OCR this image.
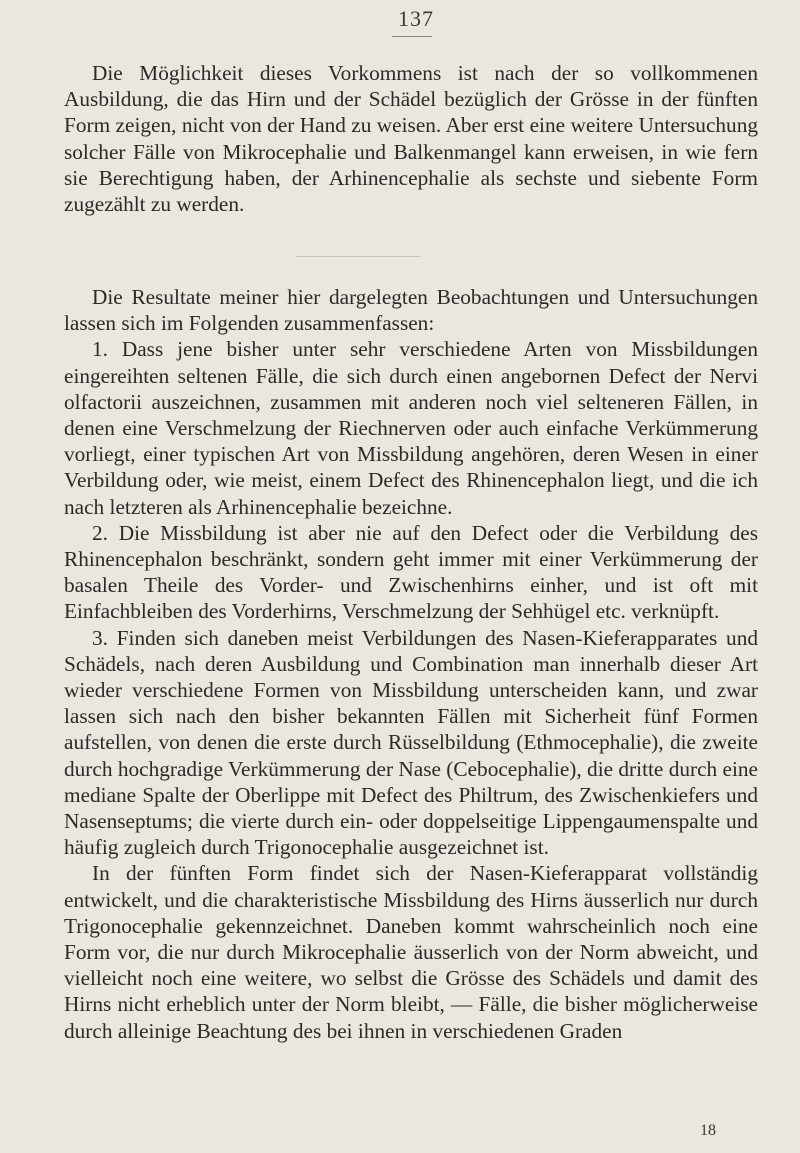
137

Die Möglichkeit dieses Vorkommens ist nach der so vollkommenen Ausbildung, die das Hirn und der Schädel bezüglich der Grösse in der fünften Form zeigen, nicht von der Hand zu weisen. Aber erst eine weitere Untersuchung solcher Fälle von Mikrocephalie und Balkenmangel kann erweisen, in wie fern sie Berechtigung haben, der Arhinencephalie als sechste und siebente Form zugezählt zu werden.

Die Resultate meiner hier dargelegten Beobachtungen und Untersuchungen lassen sich im Folgenden zusammenfassen:

1. Dass jene bisher unter sehr verschiedene Arten von Missbildungen eingereihten seltenen Fälle, die sich durch einen angebornen Defect der Nervi olfactorii auszeichnen, zusammen mit anderen noch viel selteneren Fällen, in denen eine Verschmelzung der Riechnerven oder auch einfache Verkümmerung vorliegt, einer typischen Art von Missbildung angehören, deren Wesen in einer Verbildung oder, wie meist, einem Defect des Rhinencephalon liegt, und die ich nach letzteren als Arhinencephalie bezeichne.

2. Die Missbildung ist aber nie auf den Defect oder die Verbildung des Rhinencephalon beschränkt, sondern geht immer mit einer Verkümmerung der basalen Theile des Vorder- und Zwischenhirns einher, und ist oft mit Einfachbleiben des Vorderhirns, Verschmelzung der Sehhügel etc. verknüpft.

3. Finden sich daneben meist Verbildungen des Nasen-Kieferapparates und Schädels, nach deren Ausbildung und Combination man innerhalb dieser Art wieder verschiedene Formen von Missbildung unterscheiden kann, und zwar lassen sich nach den bisher bekannten Fällen mit Sicherheit fünf Formen aufstellen, von denen die erste durch Rüsselbildung (Ethmocephalie), die zweite durch hochgradige Verkümmerung der Nase (Cebocephalie), die dritte durch eine mediane Spalte der Oberlippe mit Defect des Philtrum, des Zwischenkiefers und Nasenseptums; die vierte durch ein- oder doppelseitige Lippengaumenspalte und häufig zugleich durch Trigonocephalie ausgezeichnet ist.

In der fünften Form findet sich der Nasen-Kieferapparat vollständig entwickelt, und die charakteristische Missbildung des Hirns äusserlich nur durch Trigonocephalie gekennzeichnet. Daneben kommt wahrscheinlich noch eine Form vor, die nur durch Mikrocephalie äusserlich von der Norm abweicht, und vielleicht noch eine weitere, wo selbst die Grösse des Schädels und damit des Hirns nicht erheblich unter der Norm bleibt, — Fälle, die bisher möglicherweise durch alleinige Beachtung des bei ihnen in verschiedenen Graden

18
